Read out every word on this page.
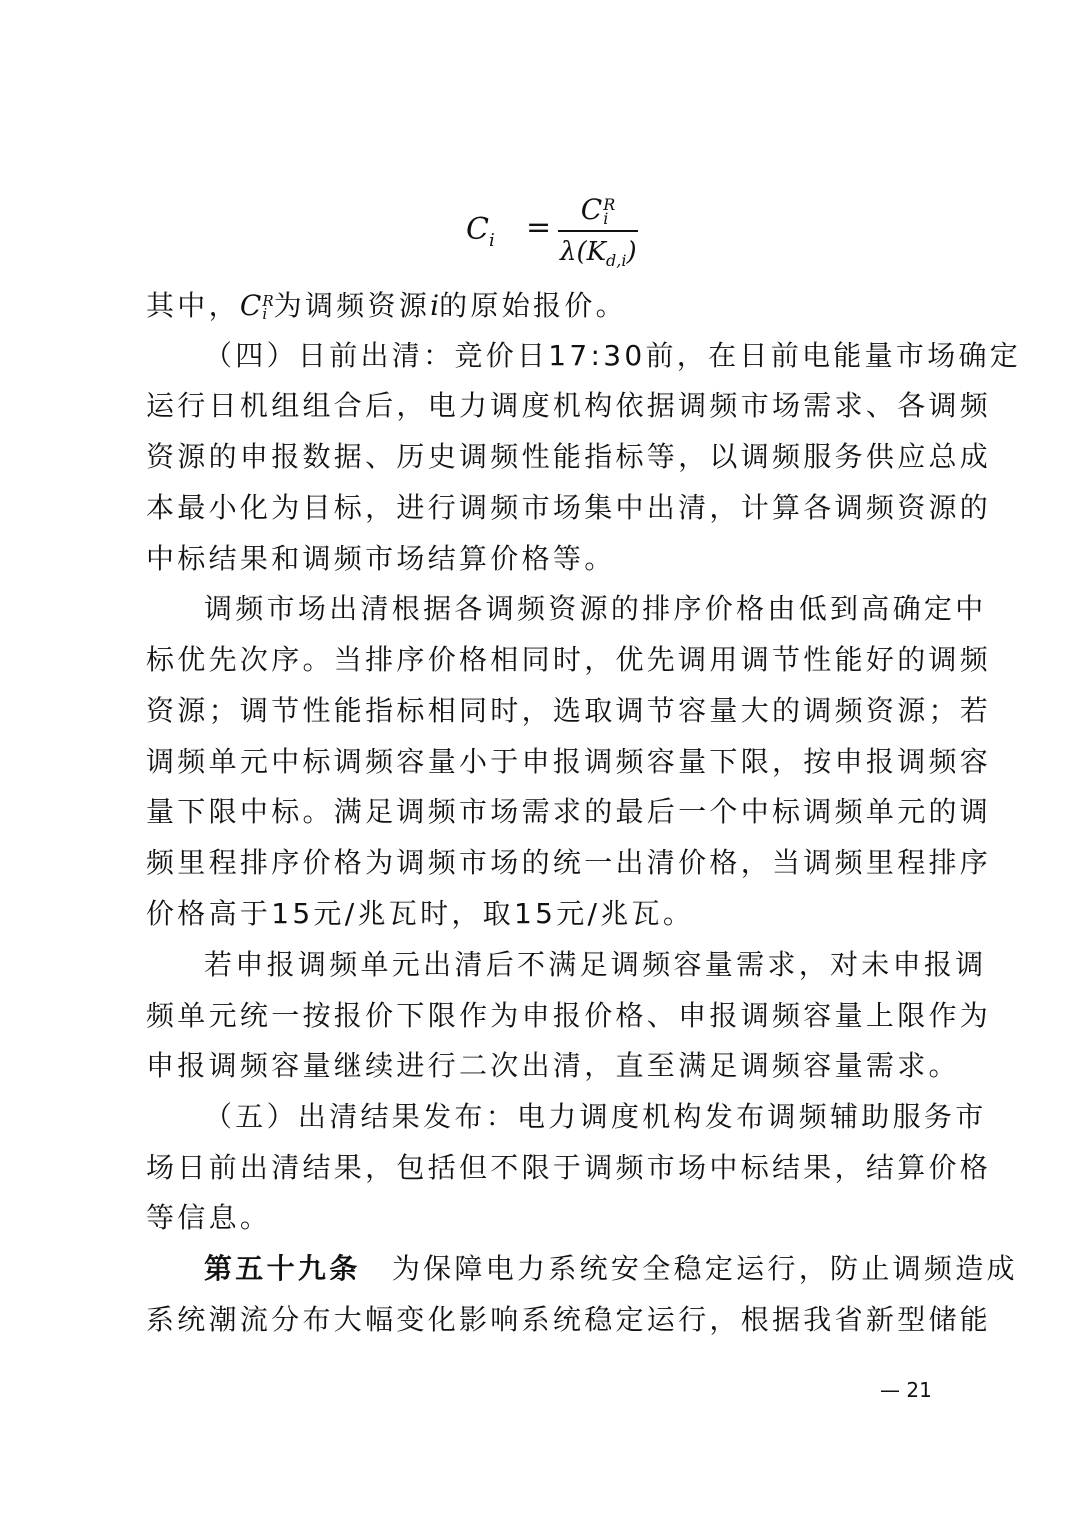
$C_i$ =
CR
i
$\lambda(K_{d,i})$
其中，CR
i 为调频资源i的原始报价。
（四）日前出清：竞价日17:30前，在日前电能量市场确定
运行日机组组合后，电力调度机构依据调频市场需求、各调频
资源的申报数据、历史调频性能指标等，以调频服务供应总成
本最小化为目标，进行调频市场集中出清，计算各调频资源的
中标结果和调频市场结算价格等。
调频市场出清根据各调频资源的排序价格由低到高确定中
标优先次序。当排序价格相同时，优先调用调节性能好的调频
资源；调节性能指标相同时，选取调节容量大的调频资源；若
调频单元中标调频容量小于申报调频容量下限，按申报调频容
量下限中标。满足调频市场需求的最后一个中标调频单元的调
频里程排序价格为调频市场的统一出清价格，当调频里程排序
价格高于15元/兆瓦时，取15元/兆瓦。
若申报调频单元出清后不满足调频容量需求，对未申报调
频单元统一按报价下限作为申报价格、申报调频容量上限作为
申报调频容量继续进行二次出清，直至满足调频容量需求。
（五）出清结果发布：电力调度机构发布调频辅助服务市
场日前出清结果，包括但不限于调频市场中标结果，结算价格
等信息。
第五十九条  为保障电力系统安全稳定运行，防止调频造成
系统潮流分布大幅变化影响系统稳定运行，根据我省新型储能
— 21
